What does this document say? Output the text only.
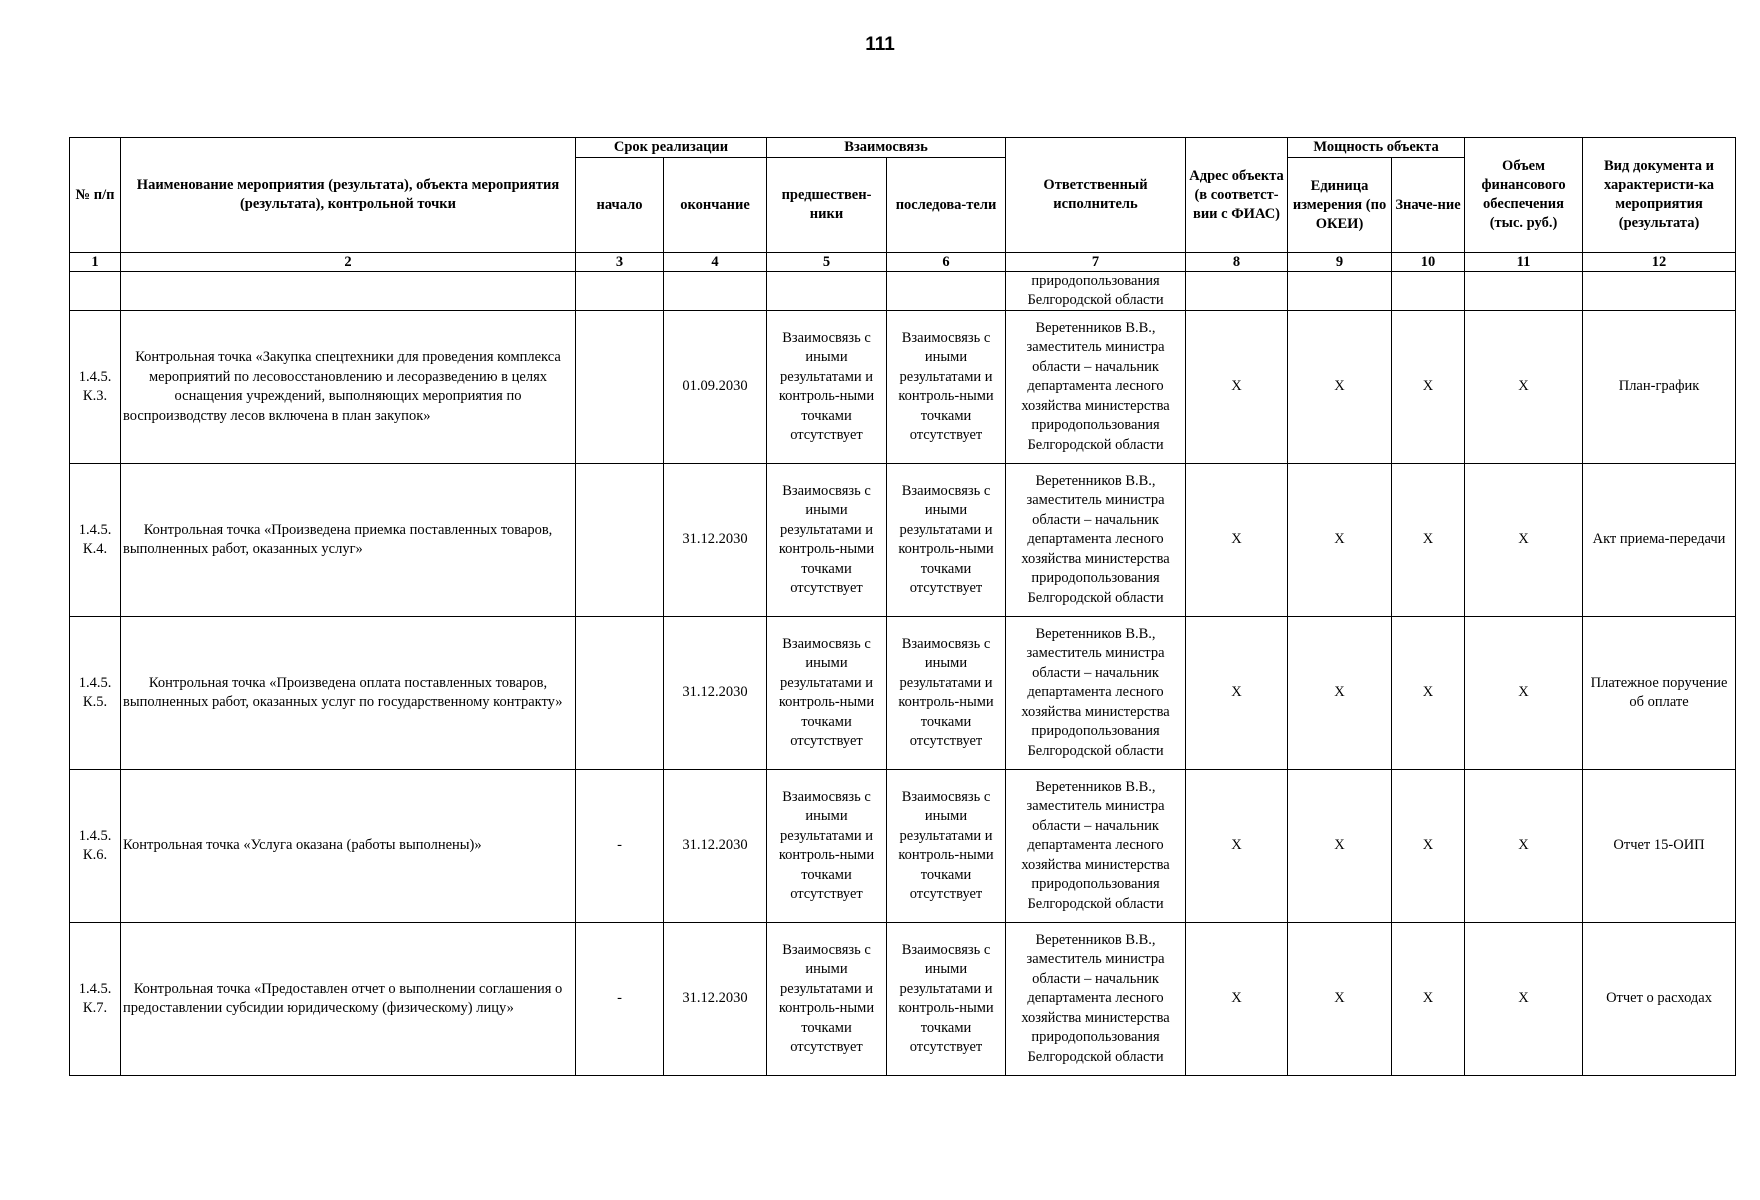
111
№ п/п	Наименование мероприятия (результата), объекта мероприятия (результата), контрольной точки	Срок реализации		Взаимосвязь		Ответственный исполнитель	Адрес объекта (в соответст-вии с ФИАС)	Мощность объекта		Объем финансового обеспечения (тыс. руб.)	Вид документа и характеристи-ка мероприятия (результата)
		начало	окончание	предшествен-ники	последова-тели			Единица измерения (по ОКЕИ)	Значе-ние		
1	2	3	4	5	6	7	8	9	10	11	12
						природопользования Белгородской области					
1.4.5. К.3.	Контрольная точка «Закупка спецтехники для проведения комплекса мероприятий по лесовосстановлению и лесоразведению в целях оснащения учреждений, выполняющих мероприятия по воспроизводству лесов включена в план закупок»		01.09.2030	Взаимосвязь с иными результатами и контроль-ными точками отсутствует	Взаимосвязь с иными результатами и контроль-ными точками отсутствует	Веретенников В.В., заместитель министра области – начальник департамента лесного хозяйства министерства природопользования Белгородской области	Х	Х	Х	Х	План-график
1.4.5. К.4.	Контрольная точка «Произведена приемка поставленных товаров, выполненных работ, оказанных услуг»		31.12.2030	Взаимосвязь с иными результатами и контроль-ными точками отсутствует	Взаимосвязь с иными результатами и контроль-ными точками отсутствует	Веретенников В.В., заместитель министра области – начальник департамента лесного хозяйства министерства природопользования Белгородской области	Х	Х	Х	Х	Акт приема-передачи
1.4.5. К.5.	Контрольная точка «Произведена оплата поставленных товаров, выполненных работ, оказанных услуг по государственному контракту»		31.12.2030	Взаимосвязь с иными результатами и контроль-ными точками отсутствует	Взаимосвязь с иными результатами и контроль-ными точками отсутствует	Веретенников В.В., заместитель министра области – начальник департамента лесного хозяйства министерства природопользования Белгородской области	Х	Х	Х	Х	Платежное поручение об оплате
1.4.5. К.6.	Контрольная точка «Услуга оказана (работы выполнены)»	-	31.12.2030	Взаимосвязь с иными результатами и контроль-ными точками отсутствует	Взаимосвязь с иными результатами и контроль-ными точками отсутствует	Веретенников В.В., заместитель министра области – начальник департамента лесного хозяйства министерства природопользования Белгородской области	Х	Х	Х	Х	Отчет 15-ОИП
1.4.5. К.7.	Контрольная точка «Предоставлен отчет о выполнении соглашения о предоставлении субсидии юридическому (физическому) лицу»	-	31.12.2030	Взаимосвязь с иными результатами и контроль-ными точками отсутствует	Взаимосвязь с иными результатами и контроль-ными точками отсутствует	Веретенников В.В., заместитель министра области – начальник департамента лесного хозяйства министерства природопользования Белгородской области	Х	Х	Х	Х	Отчет о расходах
